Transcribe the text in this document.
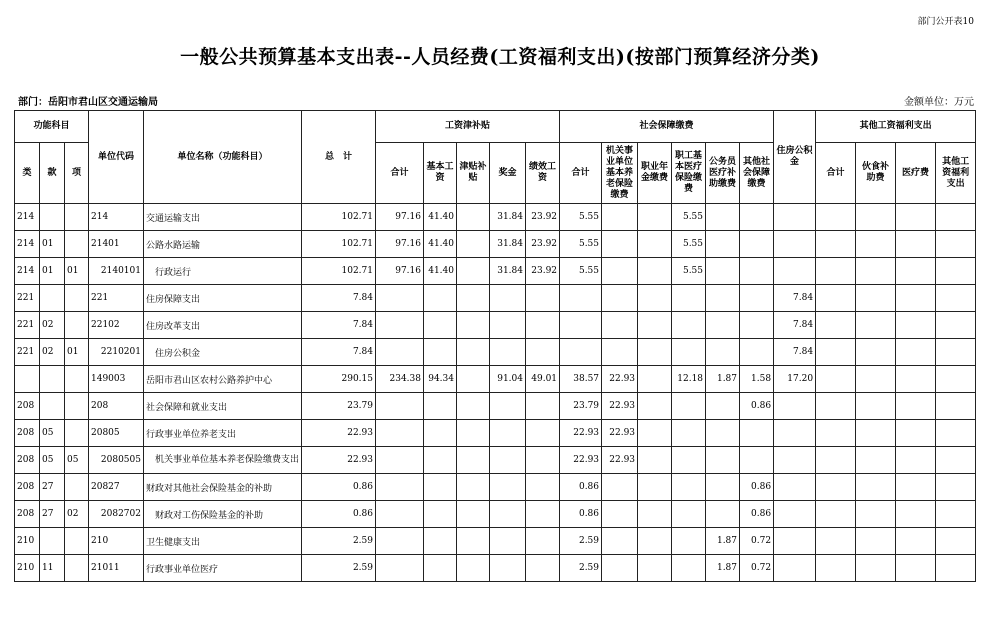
部门公开表10
一般公共预算基本支出表--人员经费(工资福利支出)(按部门预算经济分类)
部门：岳阳市君山区交通运输局	金额单位：万元
功能科目			单位代码	单位名称（功能科目）	总　计	工资津补贴					社会保障缴费						住房公积金	其他工资福利支出			
类	款	项				合计	基本工资	津贴补贴	奖金	绩效工资	合计	机关事业单位基本养老保险缴费	职业年金缴费	职工基本医疗保险缴费	公务员医疗补助缴费	其他社会保障缴费		合计	伙食补助费	医疗费	其他工资福利支出
214			214	交通运输支出	102.71	97.16	41.40		31.84	23.92	5.55			5.55							
214	01		21401	公路水路运输	102.71	97.16	41.40		31.84	23.92	5.55			5.55							
214	01	01	2140101	　行政运行	102.71	97.16	41.40		31.84	23.92	5.55			5.55							
221			221	住房保障支出	7.84												7.84				
221	02		22102	住房改革支出	7.84												7.84				
221	02	01	2210201	　住房公积金	7.84												7.84				
			149003	岳阳市君山区农村公路养护中心	290.15	234.38	94.34		91.04	49.01	38.57	22.93		12.18	1.87	1.58	17.20				
208			208	社会保障和就业支出	23.79						23.79	22.93				0.86					
208	05		20805	行政事业单位养老支出	22.93						22.93	22.93									
208	05	05	2080505	　机关事业单位基本养老保险缴费支出	22.93						22.93	22.93									
208	27		20827	财政对其他社会保险基金的补助	0.86						0.86					0.86					
208	27	02	2082702	　财政对工伤保险基金的补助	0.86						0.86					0.86					
210			210	卫生健康支出	2.59						2.59				1.87	0.72					
210	11		21011	行政事业单位医疗	2.59						2.59				1.87	0.72					
